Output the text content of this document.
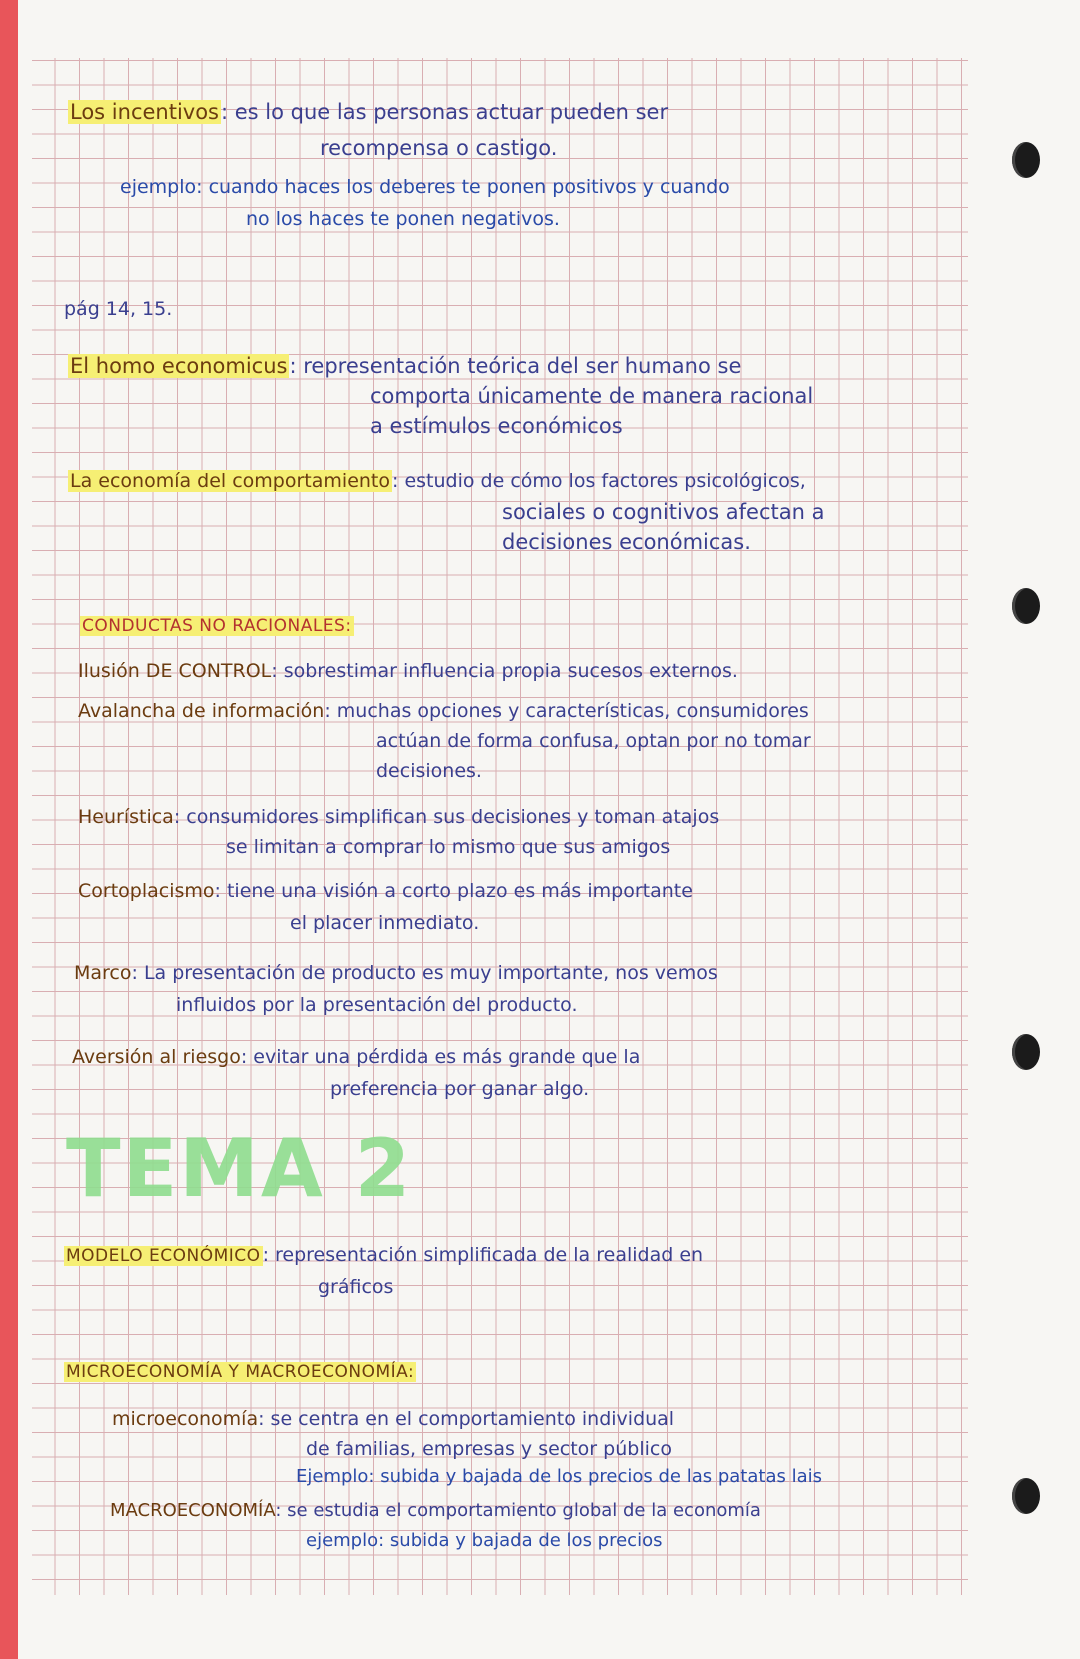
Los incentivos: es lo que las personas actuar pueden ser
recompensa o castigo.
ejemplo: cuando haces los deberes te ponen positivos y cuando
no los haces te ponen negativos.
pág 14, 15.
El homo economicus: representación teórica del ser humano se
comporta únicamente de manera racional
a estímulos económicos
La economía del comportamiento : estudio de cómo los factores psicológicos,
sociales o cognitivos afectan a
decisiones económicas.
CONDUCTAS NO RACIONALES:
Ilusión DE CONTROL: sobrestimar influencia propia sucesos externos.
Avalancha de información: muchas opciones y características, consumidores
actúan de forma confusa, optan por no tomar
decisiones.
Heurística: consumidores simplifican sus decisiones y toman atajos
se limitan a comprar lo mismo que sus amigos
Cortoplacismo: tiene una visión a corto plazo es más importante
el placer inmediato.
Marco: La presentación de producto es muy importante, nos vemos
influidos por la presentación del producto.
Aversión al riesgo: evitar una pérdida es más grande que la
preferencia por ganar algo.
TEMA 2
MODELO ECONÓMICO : representación simplificada de la realidad en
gráficos
MICROECONOMÍA Y MACROECONOMÍA:
microeconomía: se centra en el comportamiento individual
de familias, empresas y sector público
Ejemplo: subida y bajada de los precios de las patatas lais
MACROECONOMÍA: se estudia el comportamiento global de la economía
ejemplo: subida y bajada de los precios
